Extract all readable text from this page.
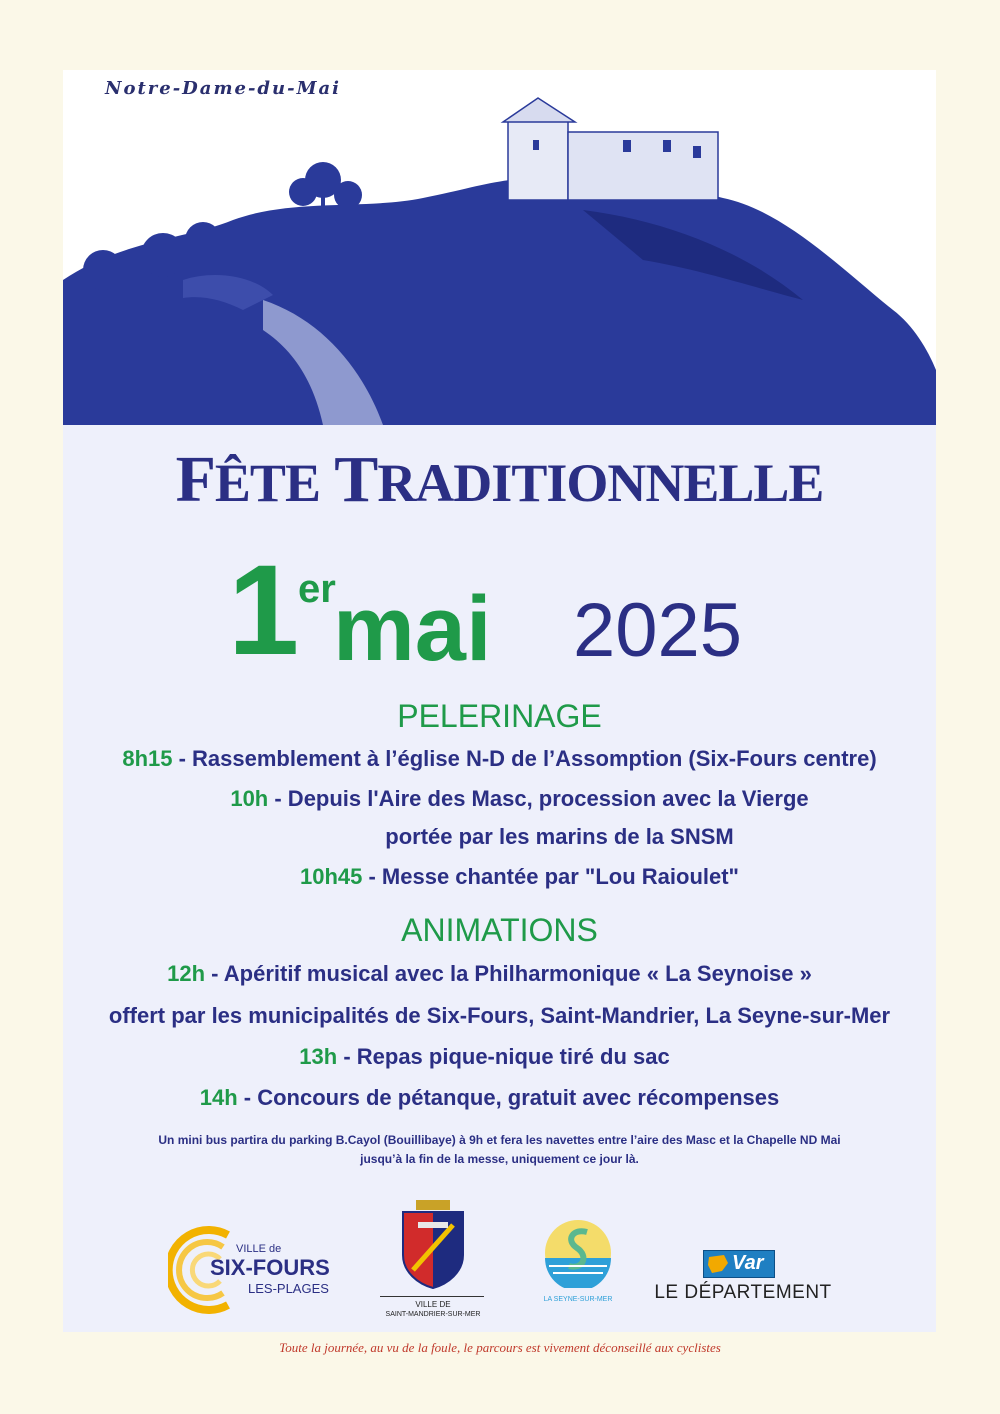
Notre-Dame-du-Mai
FÊTE TRADITIONNELLE
1
er
mai 2025
PELERINAGE
8h15 - Rassemblement à l’église N-D de l’Assomption (Six-Fours centre)
10h - Depuis l'Aire des Masc, procession avec la Vierge
portée par les marins de la SNSM
10h45 - Messe chantée par "Lou Raioulet"
ANIMATIONS
12h - Apéritif musical avec la Philharmonique « La Seynoise »
offert par les municipalités de Six-Fours, Saint-Mandrier, La Seyne-sur-Mer
13h - Repas pique-nique tiré du sac
14h - Concours de pétanque, gratuit avec récompenses
Un mini bus partira du parking B.Cayol (Bouillibaye) à 9h et fera les navettes entre l’aire des Masc et la Chapelle ND Mai
jusqu’à la fin de la messe, uniquement ce jour là.
VILLE de
SIX-FOURS
LES-PLAGES
VILLE DE
SAINT-MANDRIER-SUR-MER
LA SEYNE-SUR-MER
Var
LE DÉPARTEMENT
Toute la journée, au vu de la foule, le parcours est vivement déconseillé aux cyclistes
